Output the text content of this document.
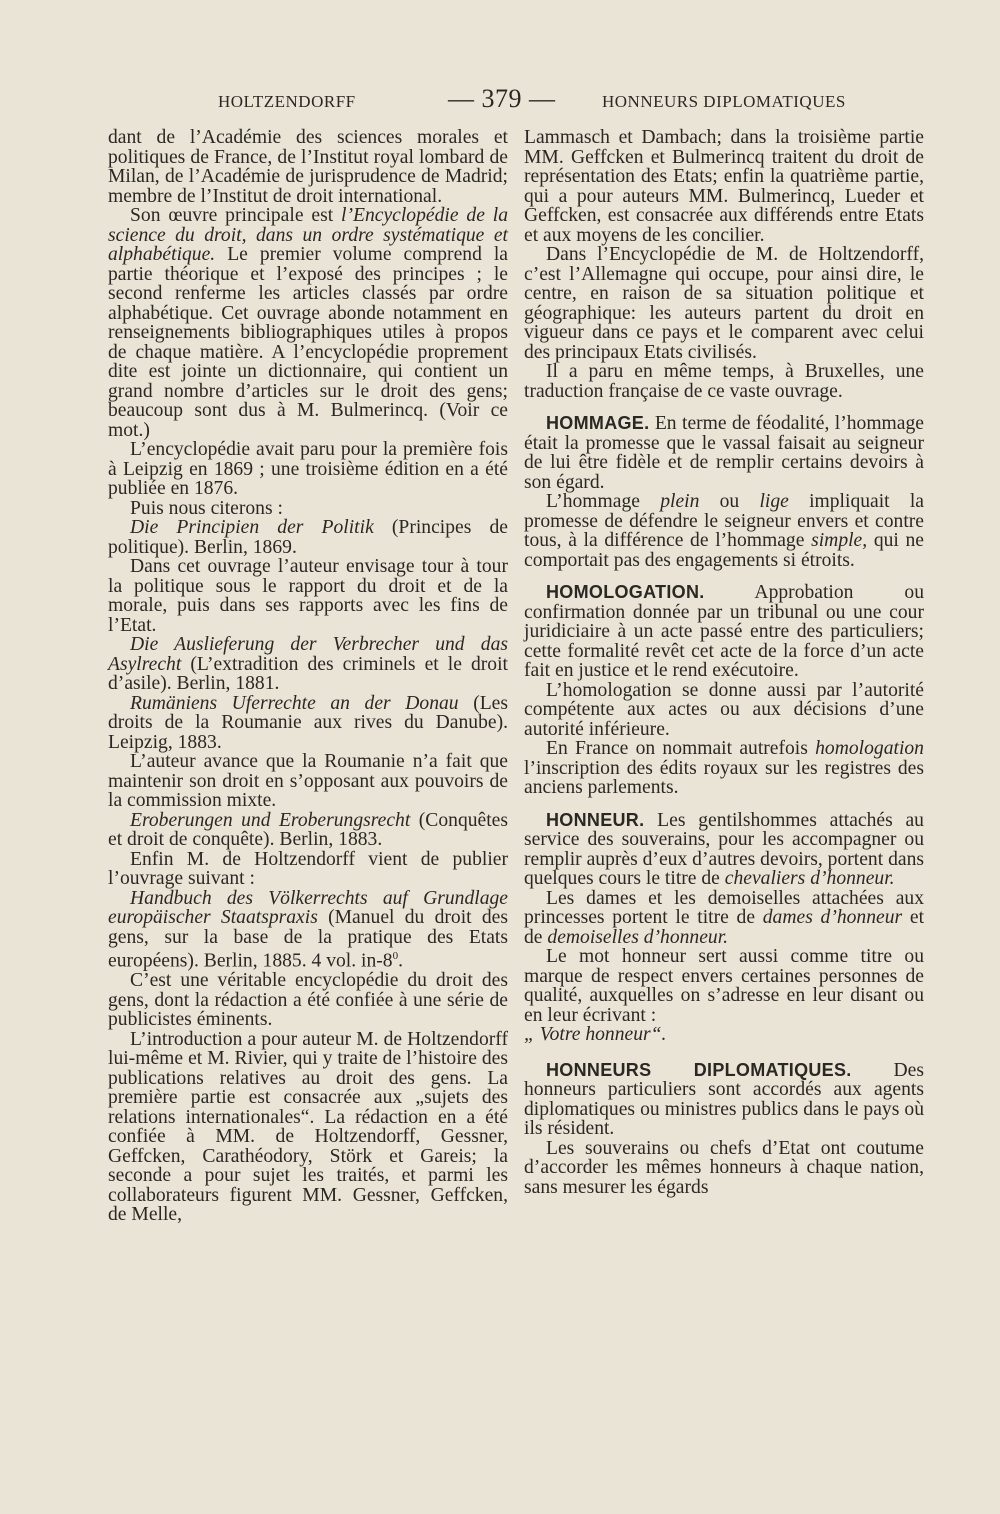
HOLTZENDORFF	— 379 —	HONNEURS DIPLOMATIQUES

dant de l’Académie des sciences morales et politiques de France, de l’Institut royal lombard de Milan, de l’Académie de jurisprudence de Madrid; membre de l’Institut de droit international.

Son œuvre principale est l’Encyclopédie de la science du droit, dans un ordre systématique et alphabétique. Le premier volume comprend la partie théorique et l’exposé des principes ; le second renferme les articles classés par ordre alphabétique. Cet ouvrage abonde notamment en renseignements bibliographiques utiles à propos de chaque matière. A l’encyclopédie proprement dite est jointe un dictionnaire, qui contient un grand nombre d’articles sur le droit des gens; beaucoup sont dus à M. Bulmerincq. (Voir ce mot.)

L’encyclopédie avait paru pour la première fois à Leipzig en 1869 ; une troisième édition en a été publiée en 1876.

Puis nous citerons :

Die Principien der Politik (Principes de politique). Berlin, 1869.

Dans cet ouvrage l’auteur envisage tour à tour la politique sous le rapport du droit et de la morale, puis dans ses rapports avec les fins de l’Etat.

Die Auslieferung der Verbrecher und das Asylrecht (L’extradition des criminels et le droit d’asile). Berlin, 1881.

Rumäniens Uferrechte an der Donau (Les droits de la Roumanie aux rives du Danube). Leipzig, 1883.

L’auteur avance que la Roumanie n’a fait que maintenir son droit en s’opposant aux pouvoirs de la commission mixte.

Eroberungen und Eroberungsrecht (Conquêtes et droit de conquête). Berlin, 1883.

Enfin M. de Holtzendorff vient de publier l’ouvrage suivant :

Handbuch des Völkerrechts auf Grundlage europäischer Staatspraxis (Manuel du droit des gens, sur la base de la pratique des Etats européens). Berlin, 1885. 4 vol. $in-8^0$.

C’est une véritable encyclopédie du droit des gens, dont la rédaction a été confiée à une série de publicistes éminents.

L’introduction a pour auteur M. de Holtzendorff lui-même et M. Rivier, qui y traite de l’histoire des publications relatives au droit des gens. La première partie est consacrée aux „sujets des relations internationales“. La rédaction en a été confiée à MM. de Holtzendorff, Gessner, Geffcken, Carathéodory, Störk et Gareis; la seconde a pour sujet les traités, et parmi les collaborateurs figurent MM. Gessner, Geffcken, de Melle,

Lammasch et Dambach; dans la troisième partie MM. Geffcken et Bulmerincq traitent du droit de représentation des Etats; enfin la quatrième partie, qui a pour auteurs MM. Bulmerincq, Lueder et Geffcken, est consacrée aux différends entre Etats et aux moyens de les concilier.

Dans l’Encyclopédie de M. de Holtzendorff, c’est l’Allemagne qui occupe, pour ainsi dire, le centre, en raison de sa situation politique et géographique: les auteurs partent du droit en vigueur dans ce pays et le comparent avec celui des principaux Etats civilisés.

Il a paru en même temps, à Bruxelles, une traduction française de ce vaste ouvrage.

HOMMAGE. En terme de féodalité, l’hommage était la promesse que le vassal faisait au seigneur de lui être fidèle et de remplir certains devoirs à son égard.

L’hommage plein ou lige impliquait la promesse de défendre le seigneur envers et contre tous, à la différence de l’hommage simple, qui ne comportait pas des engagements si étroits.

HOMOLOGATION.	Approbation ou confirmation donnée par un tribunal ou une cour juridiciaire à un acte passé entre des particuliers; cette formalité revêt cet acte de la force d’un acte fait en justice et le rend exécutoire.

L’homologation se donne aussi par l’autorité compétente aux actes ou aux décisions d’une autorité inférieure.

En France on nommait autrefois homologation l’inscription des édits royaux sur les registres des anciens parlements.

HONNEUR. Les gentilshommes attachés au service des souverains, pour les accompagner ou remplir auprès d’eux d’autres devoirs, portent dans quelques cours le titre de chevaliers d’honneur.

Les dames et les demoiselles attachées aux princesses portent le titre de dames d’honneur et de demoiselles d’honneur.

Le mot honneur sert aussi comme titre ou marque de respect envers certaines personnes de qualité, auxquelles on s’adresse en leur disant ou en leur écrivant :

„ Votre honneur“.

HONNEURS DIPLOMATIQUES. Des honneurs particuliers sont accordés aux agents diplomatiques ou ministres publics dans le pays où ils résident.

Les souverains ou chefs d’Etat ont coutume d’accorder les mêmes honneurs à chaque nation, sans mesurer les égards
